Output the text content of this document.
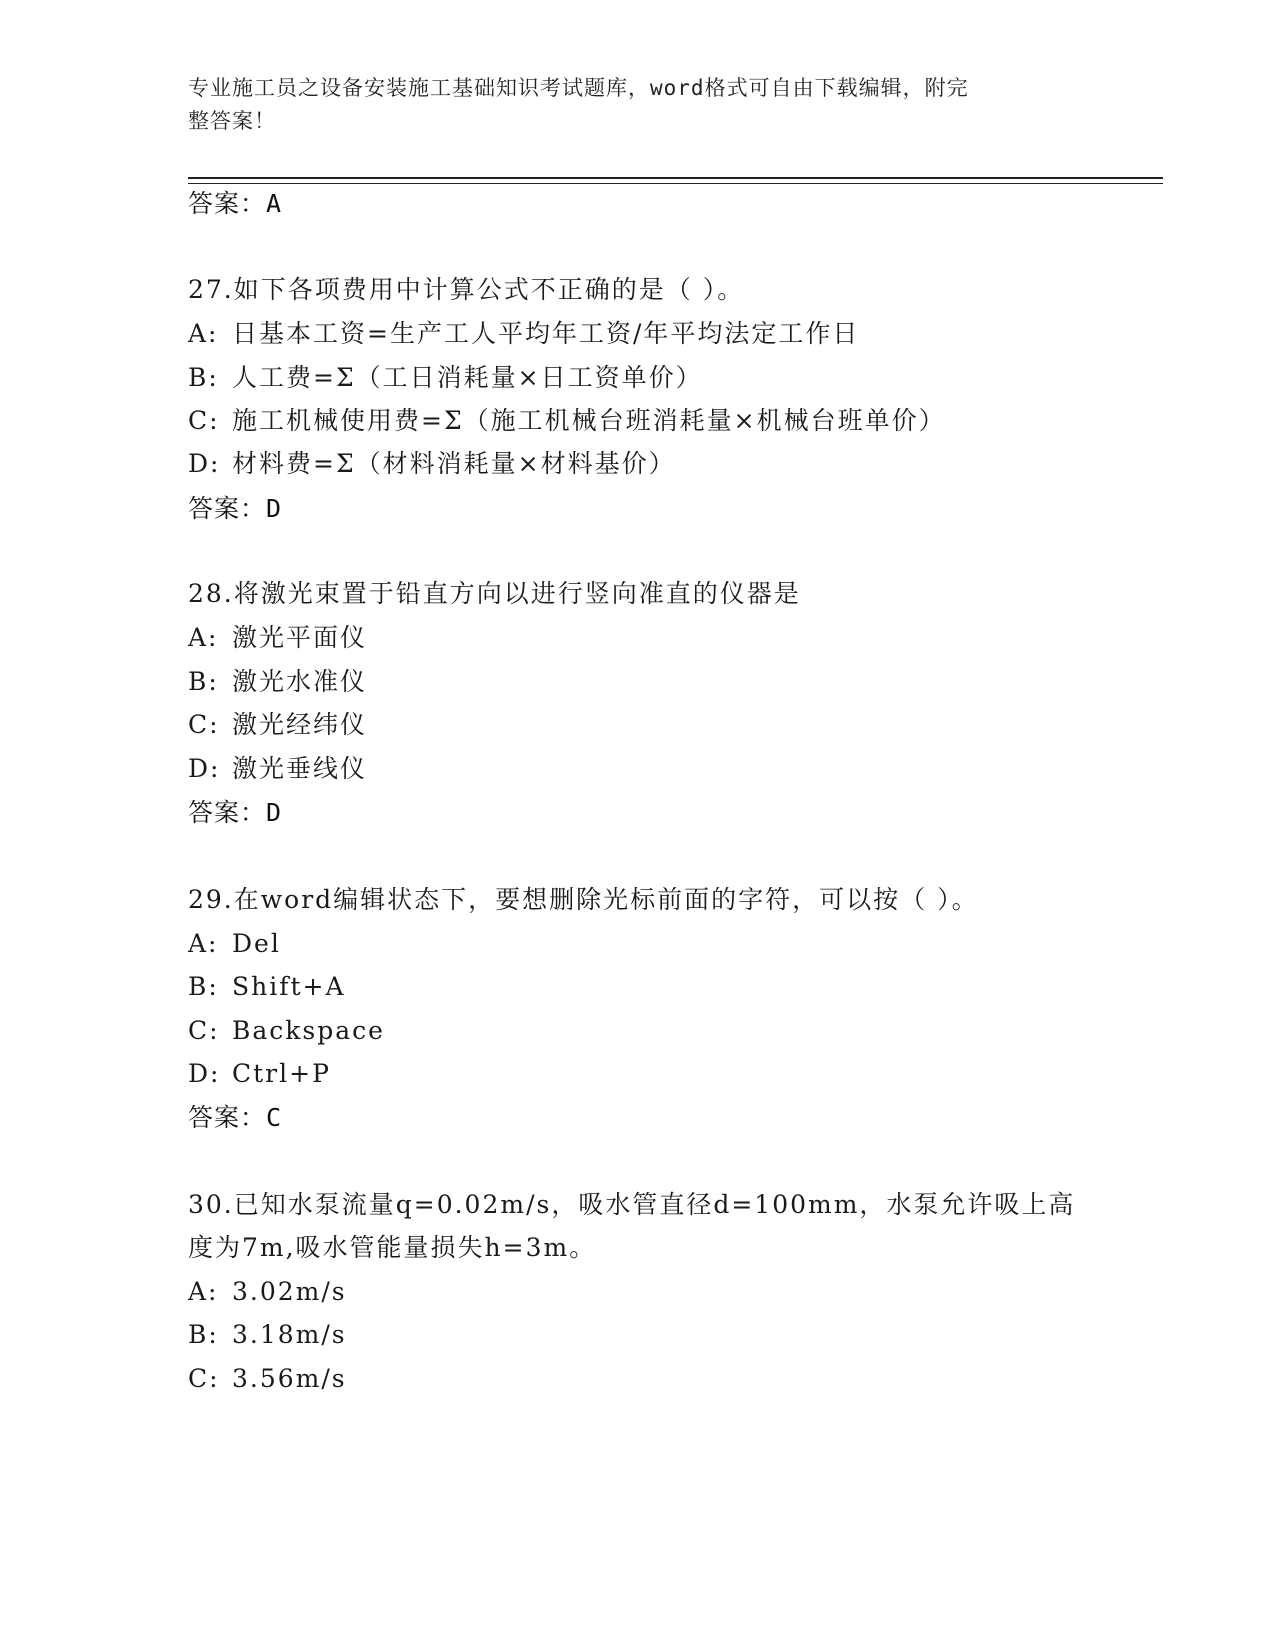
专业施工员之设备安装施工基础知识考试题库，word格式可自由下载编辑，附完
整答案！
答案：A
27.如下各项费用中计算公式不正确的是（ ）。
A: 日基本工资=生产工人平均年工资/年平均法定工作日
B: 人工费=Σ（工日消耗量×日工资单价）
C: 施工机械使用费=Σ（施工机械台班消耗量×机械台班单价）
D: 材料费=Σ（材料消耗量×材料基价）
答案：D
28.将激光束置于铅直方向以进行竖向准直的仪器是
A: 激光平面仪
B: 激光水准仪
C: 激光经纬仪
D: 激光垂线仪
答案：D
29.在word编辑状态下，要想删除光标前面的字符，可以按（ ）。
A: Del
B: Shift+A
C: Backspace
D: Ctrl+P
答案：C
30.已知水泵流量q=0.02m/s，吸水管直径d=100mm，水泵允许吸上高
度为7m,吸水管能量损失h=3m。
A: 3.02m/s
B: 3.18m/s
C: 3.56m/s
